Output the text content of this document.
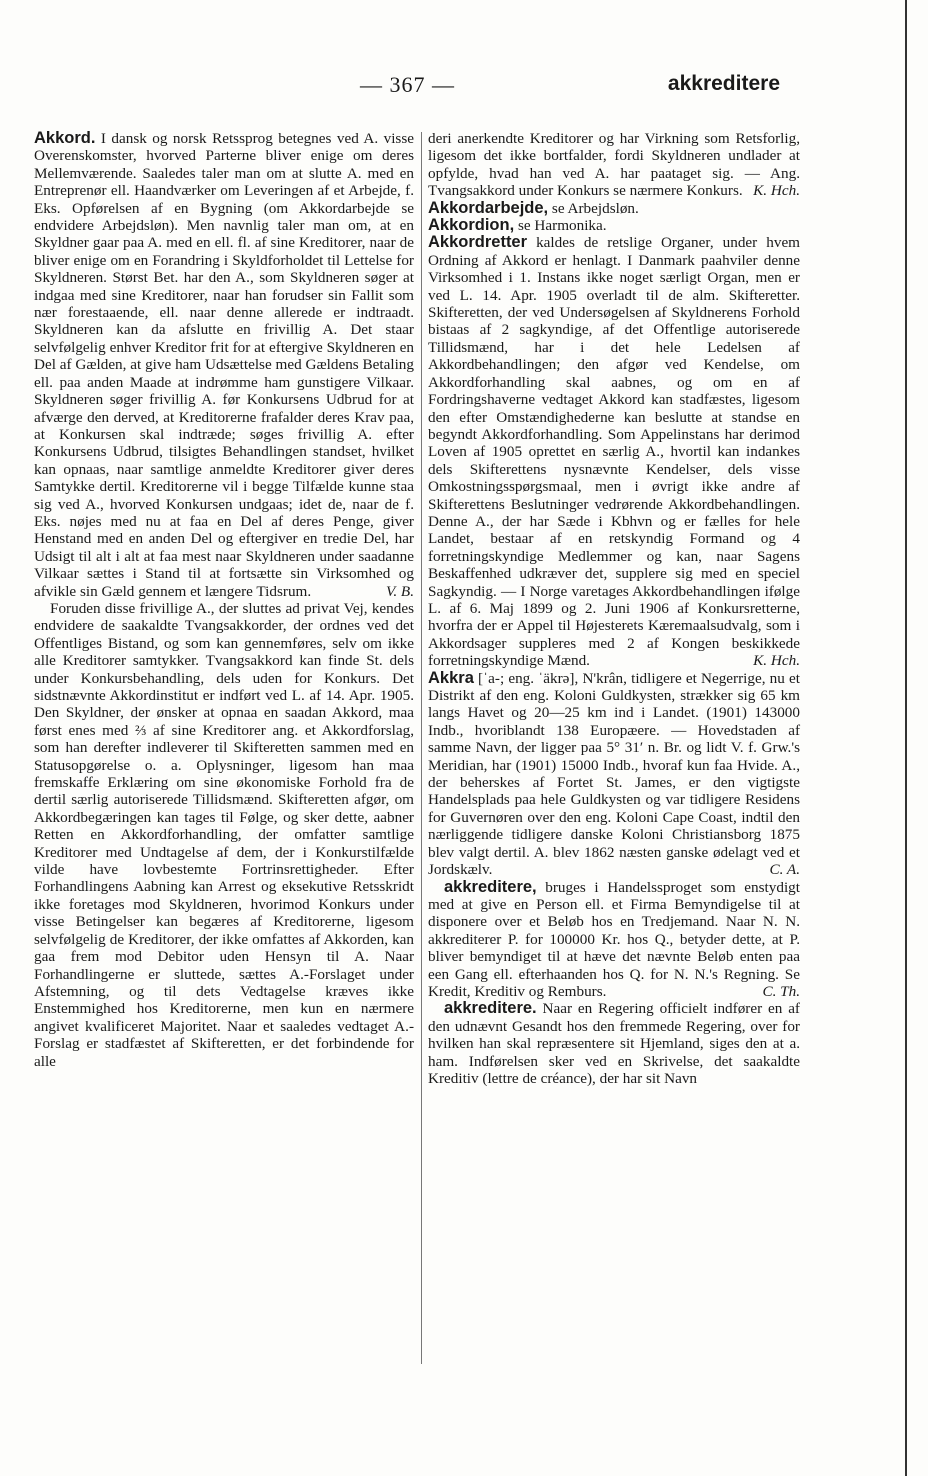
— 367 —	akkreditere

Akkord. I dansk og norsk Retssprog betegnes ved A. visse Overenskomster, hvorved Parterne bliver enige om deres Mellemværende. Saaledes taler man om at slutte A. med en Entreprenør ell. Haandværker om Leveringen af et Arbejde, f. Eks. Opførelsen af en Bygning (om Akkordarbejde se endvidere Arbejdsløn). Men navnlig taler man om, at en Skyldner gaar paa A. med en ell. fl. af sine Kreditorer, naar de bliver enige om en Forandring i Skyldforholdet til Lettelse for Skyldneren. Størst Bet. har den A., som Skyldneren søger at indgaa med sine Kreditorer, naar han forudser sin Fallit som nær forestaaende, ell. naar denne allerede er indtraadt. Skyldneren kan da afslutte en frivillig A. Det staar selvfølgelig enhver Kreditor frit for at eftergive Skyldneren en Del af Gælden, at give ham Udsættelse med Gældens Betaling ell. paa anden Maade at indrømme ham gunstigere Vilkaar. Skyldneren søger frivillig A. før Konkursens Udbrud for at afværge den derved, at Kreditorerne frafalder deres Krav paa, at Konkursen skal indtræde; søges frivillig A. efter Konkursens Udbrud, tilsigtes Behandlingen standset, hvilket kan opnaas, naar samtlige anmeldte Kreditorer giver deres Samtykke dertil. Kreditorerne vil i begge Tilfælde kunne staa sig ved A., hvorved Konkursen undgaas; idet de, naar de f. Eks. nøjes med nu at faa en Del af deres Penge, giver Henstand med en anden Del og eftergiver en tredie Del, har Udsigt til alt i alt at faa mest naar Skyldneren under saadanne Vilkaar sættes i Stand til at fortsætte sin Virksomhed og afvikle sin Gæld gennem et længere Tidsrum.	V. B.

Foruden disse frivillige A., der sluttes ad privat Vej, kendes endvidere de saakaldte Tvangsakkorder, der ordnes ved det Offentliges Bistand, og som kan gennemføres, selv om ikke alle Kreditorer samtykker. Tvangsakkord kan finde St. dels under Konkursbehandling, dels uden for Konkurs. Det sidstnævnte Akkordinstitut er indført ved L. af 14. Apr. 1905. Den Skyldner, der ønsker at opnaa en saadan Akkord, maa først enes med ⅔ af sine Kreditorer ang. et Akkordforslag, som han derefter indleverer til Skifteretten sammen med en Statusopgørelse o. a. Oplysninger, ligesom han maa fremskaffe Erklæring om sine økonomiske Forhold fra de dertil særlig autoriserede Tillidsmænd. Skifteretten afgør, om Akkordbegæringen kan tages til Følge, og sker dette, aabner Retten en Akkordforhandling, der omfatter samtlige Kreditorer med Undtagelse af dem, der i Konkurstilfælde vilde have lovbestemte Fortrinsrettigheder. Efter Forhandlingens Aabning kan Arrest og eksekutive Retsskridt ikke foretages mod Skyldneren, hvorimod Konkurs under visse Betingelser kan begæres af Kreditorerne, ligesom selvfølgelig de Kreditorer, der ikke omfattes af Akkorden, kan gaa frem mod Debitor uden Hensyn til A. Naar Forhandlingerne er sluttede, sættes A.-Forslaget under Afstemning, og til dets Vedtagelse kræves ikke Enstemmighed hos Kreditorerne, men kun en nærmere angivet kvalificeret Majoritet. Naar et saaledes vedtaget A.-Forslag er stadfæstet af Skifteretten, er det forbindende for alle

deri anerkendte Kreditorer og har Virkning som Retsforlig, ligesom det ikke bortfalder, fordi Skyldneren undlader at opfylde, hvad han ved A. har paataget sig. — Ang. Tvangsakkord under Konkurs se nærmere Konkurs. K. Hch.

Akkordarbejde, se Arbejdsløn.

Akkordion, se Harmonika.

Akkordretter kaldes de retslige Organer, under hvem Ordning af Akkord er henlagt. I Danmark paahviler denne Virksomhed i 1. Instans ikke noget særligt Organ, men er ved L. 14. Apr. 1905 overladt til de alm. Skifteretter. Skifteretten, der ved Undersøgelsen af Skyldnerens Forhold bistaas af 2 sagkyndige, af det Offentlige autoriserede Tillidsmænd, har i det hele Ledelsen af Akkordbehandlingen; den afgør ved Kendelse, om Akkordforhandling skal aabnes, og om en af Fordringshaverne vedtaget Akkord kan stadfæstes, ligesom den efter Omstændighederne kan beslutte at standse en begyndt Akkordforhandling. Som Appelinstans har derimod Loven af 1905 oprettet en særlig A., hvortil kan indankes dels Skifterettens nysnævnte Kendelser, dels visse Omkostningsspørgsmaal, men i øvrigt ikke andre af Skifterettens Beslutninger vedrørende Akkordbehandlingen. Denne A., der har Sæde i Kbhvn og er fælles for hele Landet, bestaar af en retskyndig Formand og 4 forretningskyndige Medlemmer og kan, naar Sagens Beskaffenhed udkræver det, supplere sig med en speciel Sagkyndig. — I Norge varetages Akkordbehandlingen ifølge L. af 6. Maj 1899 og 2. Juni 1906 af Konkursretterne, hvorfra der er Appel til Højesterets Kæremaalsudvalg, som i Akkordsager suppleres med 2 af Kongen beskikkede forretningskyndige Mænd.	K. Hch.

Akkra [ˈa-; eng. ˈäkrə], N'krân, tidligere et Negerrige, nu et Distrikt af den eng. Koloni Guldkysten, strækker sig 65 km langs Havet og 20—25 km ind i Landet. (1901) 143000 Indb., hvoriblandt 138 Europæere. — Hovedstaden af samme Navn, der ligger paa 5° 31′ n. Br. og lidt V. f. Grw.'s Meridian, har (1901) 15000 Indb., hvoraf kun faa Hvide. A., der beherskes af Fortet St. James, er den vigtigste Handelsplads paa hele Guldkysten og var tidligere Residens for Guvernøren over den eng. Koloni Cape Coast, indtil den nærliggende tidligere danske Koloni Christiansborg 1875 blev valgt dertil. A. blev 1862 næsten ganske ødelagt ved et Jordskælv.	C. A.

akkreditere, bruges i Handelssproget som enstydigt med at give en Person ell. et Firma Bemyndigelse til at disponere over et Beløb hos en Tredjemand. Naar N. N. akkrediterer P. for 100000 Kr. hos Q., betyder dette, at P. bliver bemyndiget til at hæve det nævnte Beløb enten paa een Gang ell. efterhaanden hos Q. for N. N.'s Regning. Se Kredit, Kreditiv og Remburs.	C. Th.

akkreditere. Naar en Regering officielt indfører en af den udnævnt Gesandt hos den fremmede Regering, over for hvilken han skal repræsentere sit Hjemland, siges den at a. ham. Indførelsen sker ved en Skrivelse, det saakaldte Kreditiv (lettre de créance), der har sit Navn
